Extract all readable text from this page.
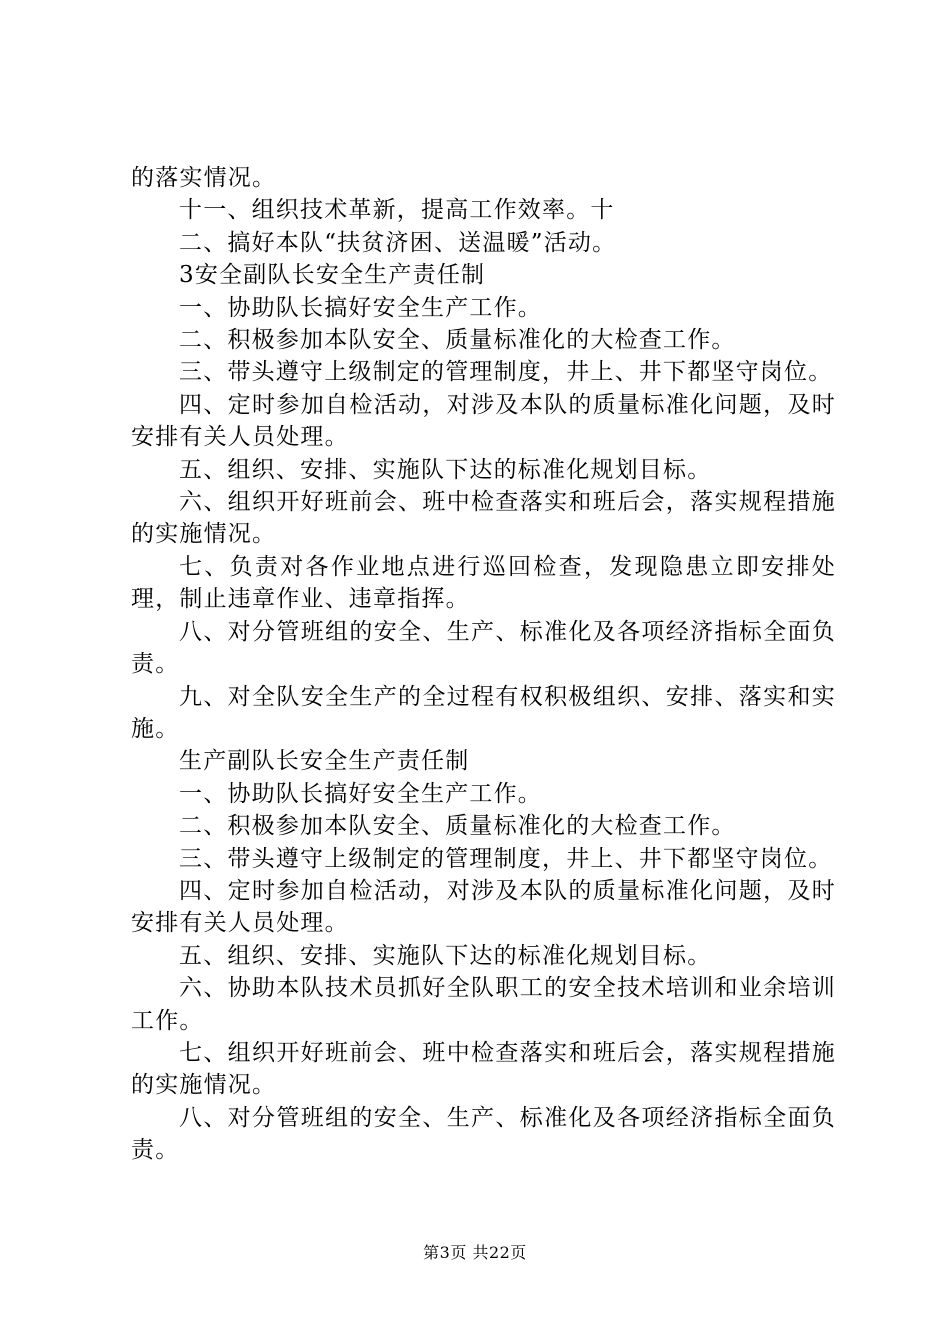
的落实情况。

十一、组织技术革新，提高工作效率。十

二、搞好本队“扶贫济困、送温暖”活动。

3安全副队长安全生产责任制

一、协助队长搞好安全生产工作。

二、积极参加本队安全、质量标准化的大检查工作。

三、带头遵守上级制定的管理制度，井上、井下都坚守岗位。

四、定时参加自检活动，对涉及本队的质量标准化问题，及时安排有关人员处理。

五、组织、安排、实施队下达的标准化规划目标。

六、组织开好班前会、班中检查落实和班后会，落实规程措施的实施情况。

七、负责对各作业地点进行巡回检查，发现隐患立即安排处理，制止违章作业、违章指挥。

八、对分管班组的安全、生产、标准化及各项经济指标全面负责。

九、对全队安全生产的全过程有权积极组织、安排、落实和实施。

生产副队长安全生产责任制

一、协助队长搞好安全生产工作。

二、积极参加本队安全、质量标准化的大检查工作。

三、带头遵守上级制定的管理制度，井上、井下都坚守岗位。

四、定时参加自检活动，对涉及本队的质量标准化问题，及时安排有关人员处理。

五、组织、安排、实施队下达的标准化规划目标。

六、协助本队技术员抓好全队职工的安全技术培训和业余培训工作。

七、组织开好班前会、班中检查落实和班后会，落实规程措施的实施情况。

八、对分管班组的安全、生产、标准化及各项经济指标全面负责。

第3页 共22页
